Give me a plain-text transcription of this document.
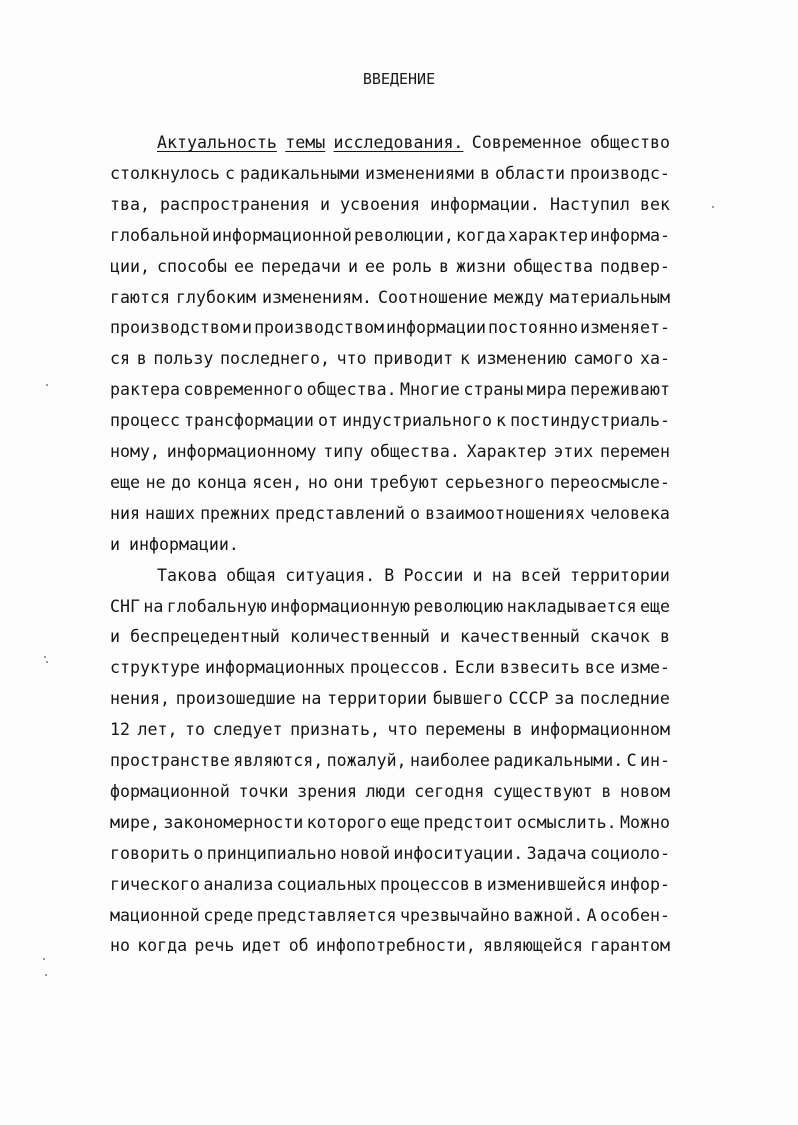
ВВЕДЕНИЕ
Актуальность темы исследования. Современное общество
столкнулось с радикальными изменениями в области производс-
тва, распространения и усвоения информации. Наступил век
глобальной информационной революции, когда характер информа-
ции, способы ее передачи и ее роль в жизни общества подвер-
гаются глубоким изменениям. Соотношение между материальным
производством и производством информации постоянно изменяет-
ся в пользу последнего, что приводит к изменению самого ха-
рактера современного общества. Многие страны мира переживают
процесс трансформации от индустриального к постиндустриаль-
ному, информационному типу общества. Характер этих перемен
еще не до конца ясен, но они требуют серьезного переосмысле-
ния наших прежних представлений о взаимоотношениях человека
и информации.
Такова общая ситуация. В России и на всей территории
СНГ на глобальную информационную революцию накладывается еще
и беспрецедентный количественный и качественный скачок в
структуре информационных процессов. Если взвесить все изме-
нения, произошедшие на территории бывшего СССР за последние
12 лет, то следует признать, что перемены в информационном
пространстве являются, пожалуй, наиболее радикальными. С ин-
формационной точки зрения люди сегодня существуют в новом
мире, закономерности которого еще предстоит осмыслить. Можно
говорить о принципиально новой инфоситуации. Задача социоло-
гического анализа социальных процессов в изменившейся инфор-
мационной среде представляется чрезвычайно важной. А особен-
но когда речь идет об инфопотребности, являющейся гарантом
